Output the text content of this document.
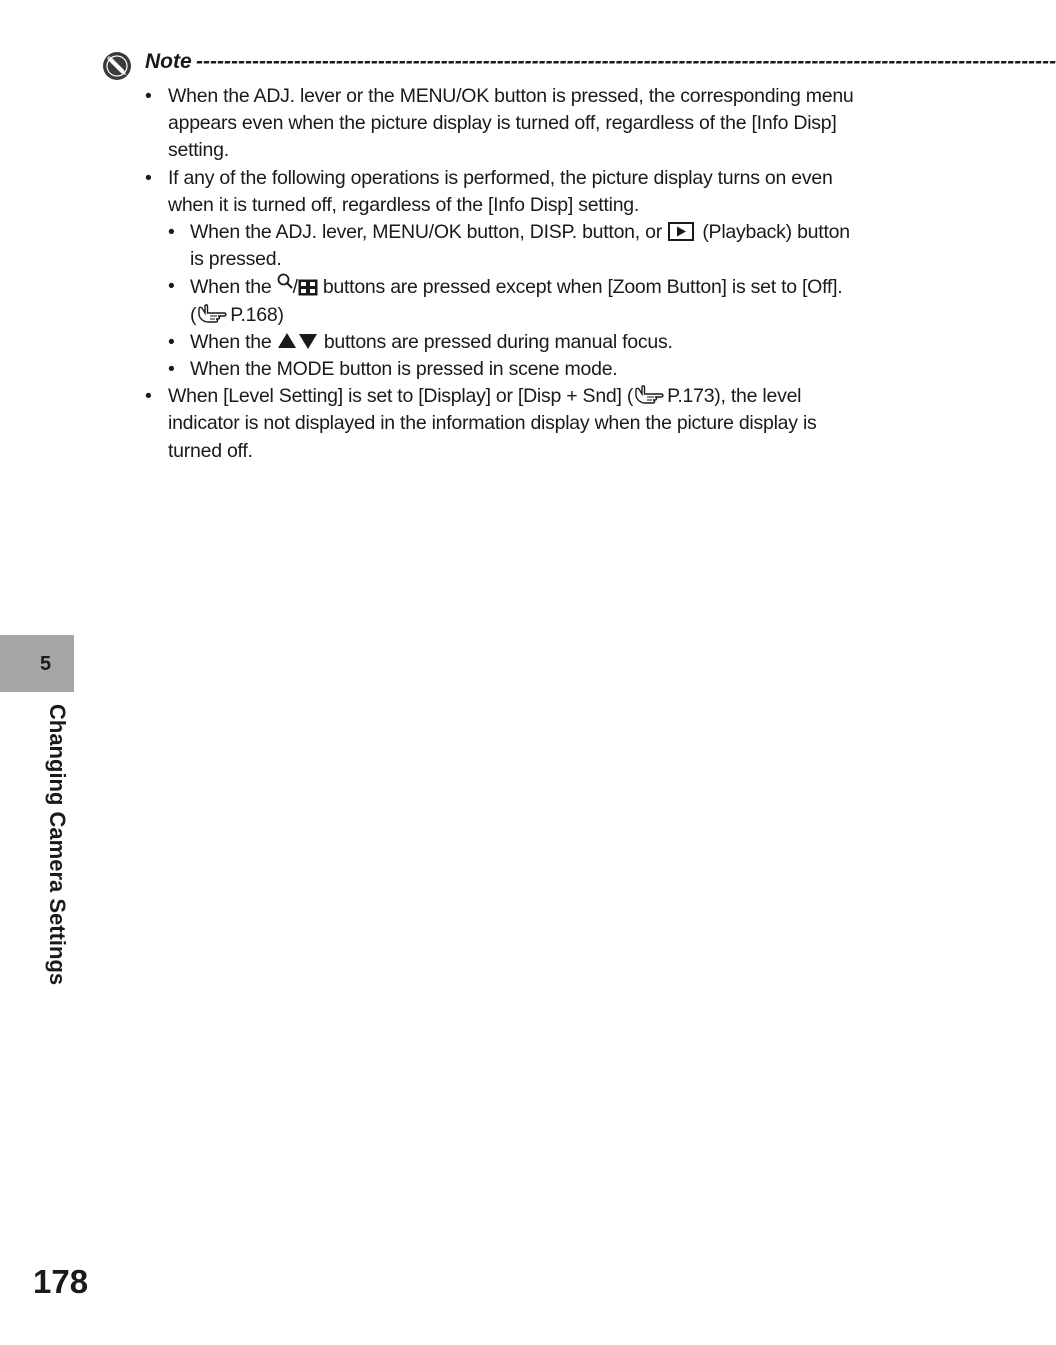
Note ---------------------------------------------------------------------------------------------------------------------------
• When the ADJ. lever or the MENU/OK button is pressed, the corresponding menu appears even when the picture display is turned off, regardless of the [Info Disp] setting.
• If any of the following operations is performed, the picture display turns on even when it is turned off, regardless of the [Info Disp] setting.
• When the ADJ. lever, MENU/OK button, DISP. button, or (Playback) button is pressed.
• When the / buttons are pressed except when [Zoom Button] is set to [Off]. ( P.168)
• When the	buttons are pressed during manual focus.
• When the MODE button is pressed in scene mode.
• When [Level Setting] is set to [Display] or [Disp + Snd] ( P.173), the level indicator is not displayed in the information display when the picture display is turned off.
5
Changing Camera Settings
178
